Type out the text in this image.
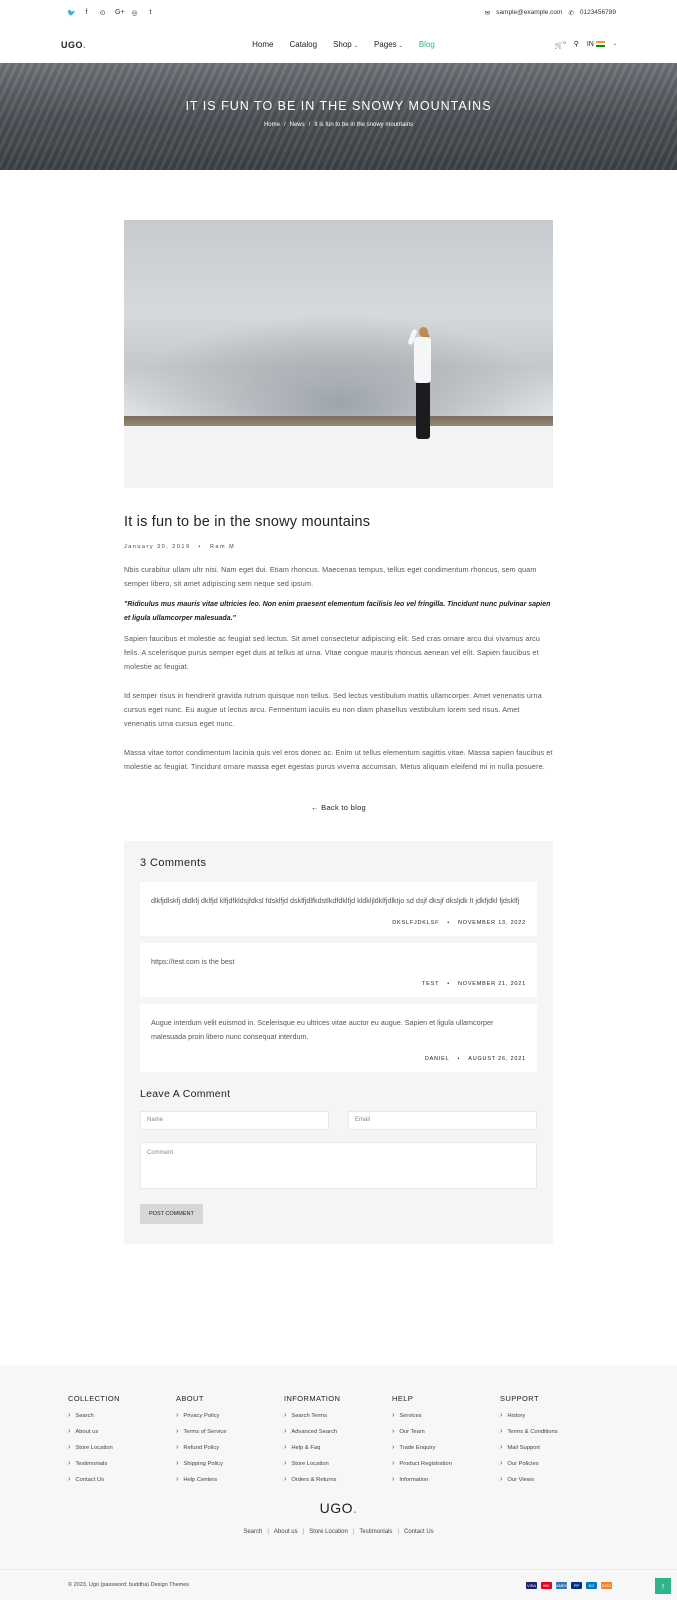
🐦	f	⊙ G+ ◎	t	✉ sample@example.com ✆ 0123456789
UGO.	Home Catalog Shop ⌄ Pages ⌄ Blog	🛒$^0$ ⚲ IN	⌄
IT IS FUN TO BE IN THE SNOWY MOUNTAINS
Home / News / It is fun to be in the snowy mountains
It is fun to be in the snowy mountains
January 30, 2019 • Ram M

Nbis curabitur ullam ultr nisi. Nam eget dui. Etiam rhoncus. Maecenas tempus, tellus eget condimentum rhoncus, sem quam semper libero, sit amet adipiscing sem neque sed ipsum.

"Ridiculus mus mauris vitae ultricies leo. Non enim praesent elementum facilisis leo vel fringilla. Tincidunt nunc pulvinar sapien et ligula ullamcorper malesuada."

Sapien faucibus et molestie ac feugiat sed lectus. Sit amet consectetur adipiscing elit. Sed cras ornare arcu dui vivamus arcu felis. A scelerisque purus semper eget duis at tellus at urna. Vitae congue mauris rhoncus aenean vel elit. Sapien faucibus et molestie ac feugiat.

Id semper risus in hendrerit gravida rutrum quisque non tellus. Sed lectus vestibulum mattis ullamcorper. Amet venenatis urna cursus eget nunc. Eu augue ut lectus arcu. Fermentum iaculis eu non diam phasellus vestibulum lorem sed risus. Amet venenatis urna cursus eget nunc.

Massa vitae tortor condimentum lacinia quis vel eros donec ac. Enim ut tellus elementum sagittis vitae. Massa sapien faucibus et molestie ac feugiat. Tincidunt ornare massa eget egestas purus viverra accumsan. Metus aliquam eleifend mi in nulla posuere.

← Back to blog
3 Comments
dlkfjdlskfj dldkfj dklfjd klfjdfkldsjfdksl fdsklfjd dsklfjdlfkdstlkdfdklfjd kldkljldklfjdlktjo sd dsjf dksjf dksljdk lt jdkfjdkl fjdsklfj
DKSLFJDKLSF • NOVEMBER 13, 2022
https://test.com is the best
TEST • NOVEMBER 21, 2021
Augue interdum velit euismod in. Scelerisque eu ultrices vitae auctor eu augue. Sapien et ligula ullamcorper malesuada proin libero nunc consequat interdum.
DANIEL • AUGUST 26, 2021
Leave A Comment
Name	Email
Comment
POST COMMENT
COLLECTION
› Search
› About us
› Store Location
› Testimonials
› Contact Us
ABOUT
› Privacy Policy
› Terms of Service
› Refund Policy
› Shipping Policy
› Help Centers
INFORMATION
› Search Terms
› Advanced Search
› Help & Faq
› Store Location
› Orders & Returns
HELP
› Services
› Our Team
› Trade Enquiry
› Product Registration
› Information
SUPPORT
› History
› Terms & Conditions
› Mail Support
› Our Policies
› Our Views
UGO.
Search | About us | Store Location | Testimonials | Contact Us
© 2023, Ugo (password: buddha) Design Themes	VISA	MC	AMEX	PP	DC	DISC	↑
